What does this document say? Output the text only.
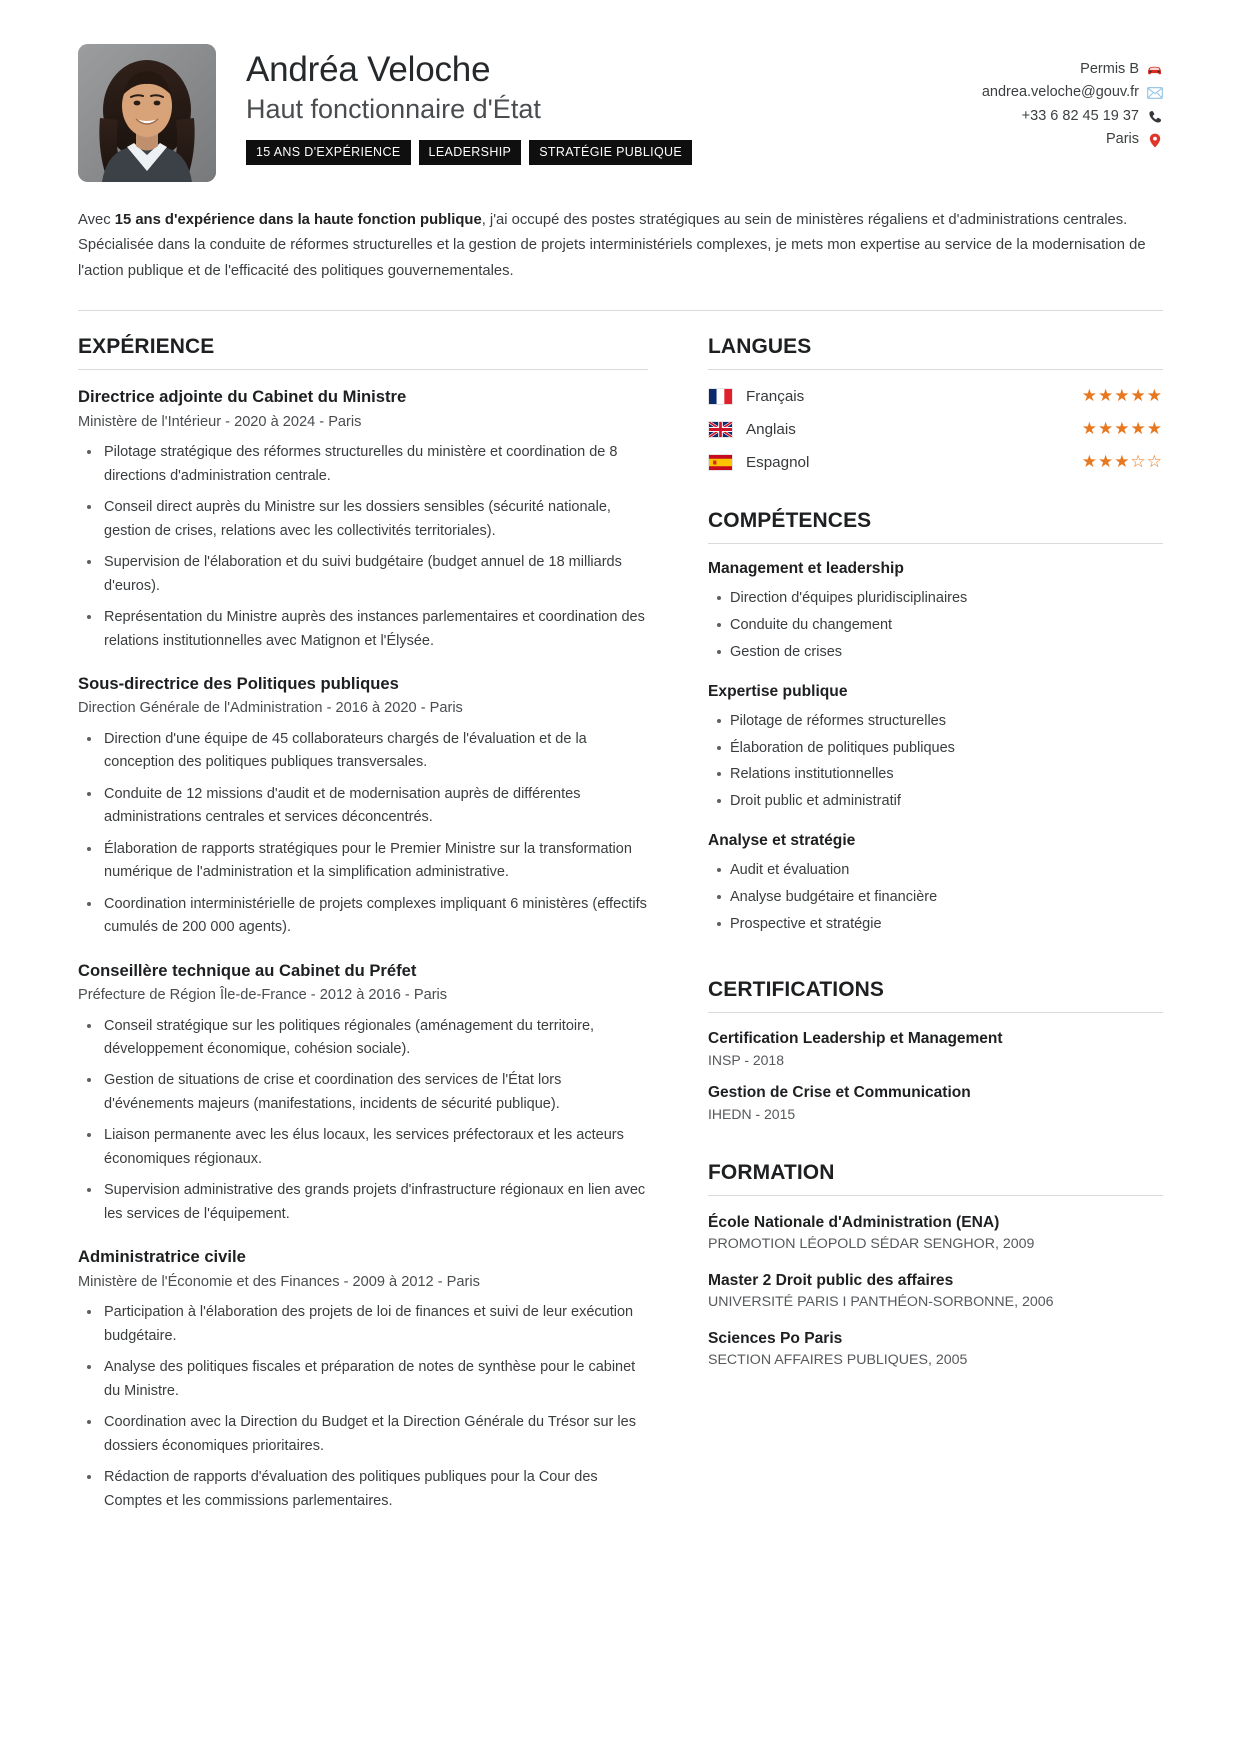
Andréa Veloche
Haut fonctionnaire d'État
15 ANS D'EXPÉRIENCE	LEADERSHIP	STRATÉGIE PUBLIQUE
Permis B
andrea.veloche@gouv.fr
+33 6 82 45 19 37
Paris
Avec 15 ans d'expérience dans la haute fonction publique, j'ai occupé des postes stratégiques au sein de ministères régaliens et d'administrations centrales. Spécialisée dans la conduite de réformes structurelles et la gestion de projets interministériels complexes, je mets mon expertise au service de la modernisation de l'action publique et de l'efficacité des politiques gouvernementales.
EXPÉRIENCE
Directrice adjointe du Cabinet du Ministre
Ministère de l'Intérieur - 2020 à 2024 - Paris
Pilotage stratégique des réformes structurelles du ministère et coordination de 8 directions d'administration centrale.
Conseil direct auprès du Ministre sur les dossiers sensibles (sécurité nationale, gestion de crises, relations avec les collectivités territoriales).
Supervision de l'élaboration et du suivi budgétaire (budget annuel de 18 milliards d'euros).
Représentation du Ministre auprès des instances parlementaires et coordination des relations institutionnelles avec Matignon et l'Élysée.
Sous-directrice des Politiques publiques
Direction Générale de l'Administration - 2016 à 2020 - Paris
Direction d'une équipe de 45 collaborateurs chargés de l'évaluation et de la conception des politiques publiques transversales.
Conduite de 12 missions d'audit et de modernisation auprès de différentes administrations centrales et services déconcentrés.
Élaboration de rapports stratégiques pour le Premier Ministre sur la transformation numérique de l'administration et la simplification administrative.
Coordination interministérielle de projets complexes impliquant 6 ministères (effectifs cumulés de 200 000 agents).
Conseillère technique au Cabinet du Préfet
Préfecture de Région Île-de-France - 2012 à 2016 - Paris
Conseil stratégique sur les politiques régionales (aménagement du territoire, développement économique, cohésion sociale).
Gestion de situations de crise et coordination des services de l'État lors d'événements majeurs (manifestations, incidents de sécurité publique).
Liaison permanente avec les élus locaux, les services préfectoraux et les acteurs économiques régionaux.
Supervision administrative des grands projets d'infrastructure régionaux en lien avec les services de l'équipement.
Administratrice civile
Ministère de l'Économie et des Finances - 2009 à 2012 - Paris
Participation à l'élaboration des projets de loi de finances et suivi de leur exécution budgétaire.
Analyse des politiques fiscales et préparation de notes de synthèse pour le cabinet du Ministre.
Coordination avec la Direction du Budget et la Direction Générale du Trésor sur les dossiers économiques prioritaires.
Rédaction de rapports d'évaluation des politiques publiques pour la Cour des Comptes et les commissions parlementaires.
LANGUES
Français	★★★★★
Anglais	★★★★★
Espagnol	★★★☆☆
COMPÉTENCES
Management et leadership
Direction d'équipes pluridisciplinaires
Conduite du changement
Gestion de crises
Expertise publique
Pilotage de réformes structurelles
Élaboration de politiques publiques
Relations institutionnelles
Droit public et administratif
Analyse et stratégie
Audit et évaluation
Analyse budgétaire et financière
Prospective et stratégie
CERTIFICATIONS
Certification Leadership et Management
INSP - 2018
Gestion de Crise et Communication
IHEDN - 2015
FORMATION
École Nationale d'Administration (ENA)
PROMOTION LÉOPOLD SÉDAR SENGHOR, 2009
Master 2 Droit public des affaires
UNIVERSITÉ PARIS I PANTHÉON-SORBONNE, 2006
Sciences Po Paris
SECTION AFFAIRES PUBLIQUES, 2005
